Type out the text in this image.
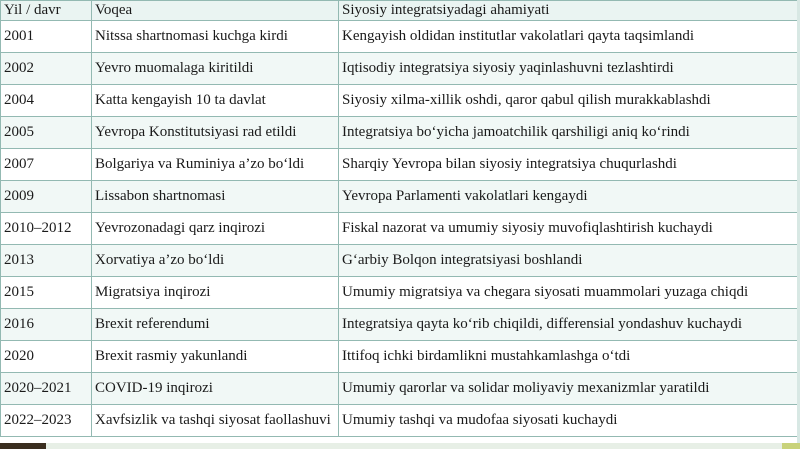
Yil / davr	Voqea	Siyosiy integratsiyadagi ahamiyati
2001	Nitssa shartnomasi kuchga kirdi	Kengayish oldidan institutlar vakolatlari qayta taqsimlandi
2002	Yevro muomalaga kiritildi	Iqtisodiy integratsiya siyosiy yaqinlashuvni tezlashtirdi
2004	Katta kengayish 10 ta davlat	Siyosiy xilma-xillik oshdi, qaror qabul qilish murakkablashdi
2005	Yevropa Konstitutsiyasi rad etildi	Integratsiya bo‘yicha jamoatchilik qarshiligi aniq ko‘rindi
2007	Bolgariya va Ruminiya a’zo bo‘ldi	Sharqiy Yevropa bilan siyosiy integratsiya chuqurlashdi
2009	Lissabon shartnomasi	Yevropa Parlamenti vakolatlari kengaydi
2010–2012	Yevrozonadagi qarz inqirozi	Fiskal nazorat va umumiy siyosiy muvofiqlashtirish kuchaydi
2013	Xorvatiya a’zo bo‘ldi	G‘arbiy Bolqon integratsiyasi boshlandi
2015	Migratsiya inqirozi	Umumiy migratsiya va chegara siyosati muammolari yuzaga chiqdi
2016	Brexit referendumi	Integratsiya qayta ko‘rib chiqildi, differensial yondashuv kuchaydi
2020	Brexit rasmiy yakunlandi	Ittifoq ichki birdamlikni mustahkamlashga o‘tdi
2020–2021	COVID-19 inqirozi	Umumiy qarorlar va solidar moliyaviy mexanizmlar yaratildi
2022–2023	Xavfsizlik va tashqi siyosat faollashuvi	Umumiy tashqi va mudofaa siyosati kuchaydi
